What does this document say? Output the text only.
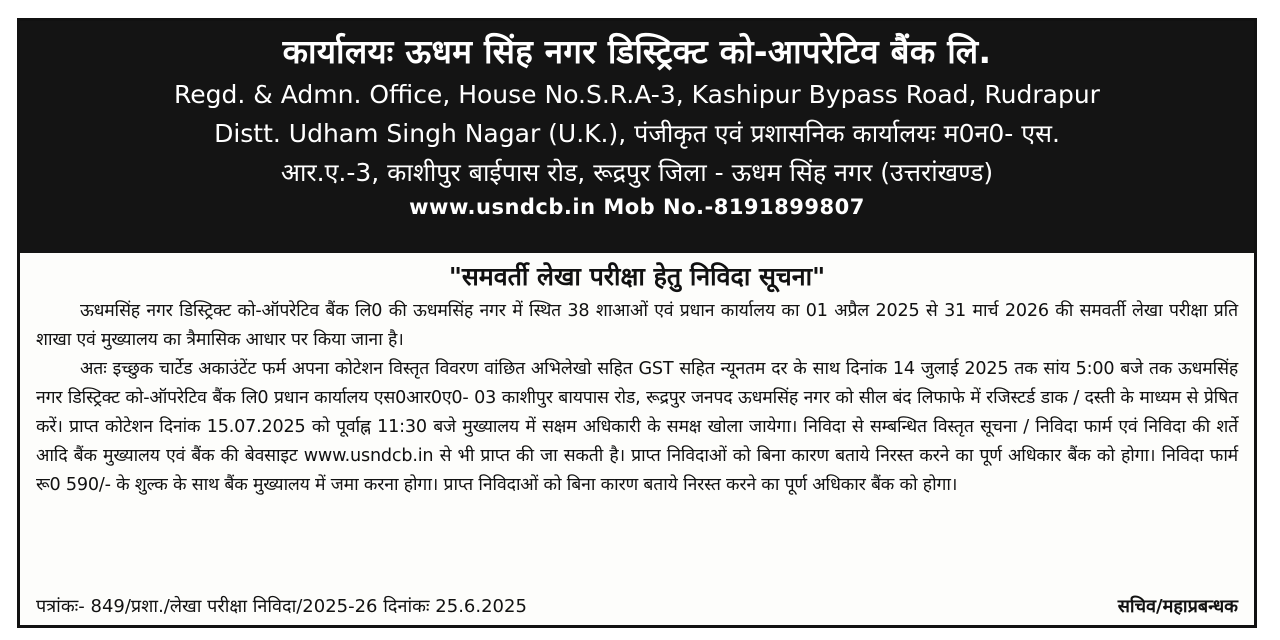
कार्यालयः ऊधम सिंह नगर डिस्ट्रिक्ट को-आपरेटिव बैंक लि.
Regd. & Admn. Office, House No.S.R.A-3, Kashipur Bypass Road, Rudrapur
Distt. Udham Singh Nagar (U.K.), पंजीकृत एवं प्रशासनिक कार्यालयः म0न0- एस.
आर.ए.-3, काशीपुर बाईपास रोड, रूद्रपुर जिला - ऊधम सिंह नगर (उत्तरांखण्ड)
www.usndcb.in Mob No.-8191899807
"समवर्ती लेखा परीक्षा हेतु निविदा सूचना"

ऊधमसिंह नगर डिस्ट्रिक्ट को-ऑपरेटिव बैंक लि0 की ऊधमसिंह नगर में स्थित 38 शाआओं एवं प्रधान कार्यालय का 01 अप्रैल 2025 से 31 मार्च 2026 की समवर्ती लेखा परीक्षा प्रति शाखा एवं मुख्यालय का त्रैमासिक आधार पर किया जाना है।

अतः इच्छुक चार्टेड अकाउंटेंट फर्म अपना कोटेशन विस्तृत विवरण वांछित अभिलेखो सहित GST सहित न्यूनतम दर के साथ दिनांक 14 जुलाई 2025 तक सांय 5:00 बजे तक ऊधमसिंह नगर डिस्ट्रिक्ट को-ऑपरेटिव बैंक लि0 प्रधान कार्यालय एस0आर0ए0- 03 काशीपुर बायपास रोड, रूद्रपुर जनपद ऊधमसिंह नगर को सील बंद लिफाफे में रजिस्टर्ड डाक / दस्ती के माध्यम से प्रेषित करें। प्राप्त कोटेशन दिनांक 15.07.2025 को पूर्वाह्न 11:30 बजे मुख्यालय में सक्षम अधिकारी के समक्ष खोला जायेगा। निविदा से सम्बन्धित विस्तृत सूचना / निविदा फार्म एवं निविदा की शर्ते आदि बैंक मुख्यालय एवं बैंक की बेवसाइट www.usndcb.in से भी प्राप्त की जा सकती है। प्राप्त निविदाओं को बिना कारण बताये निरस्त करने का पूर्ण अधिकार बैंक को होगा। निविदा फार्म रू0 590/- के शुल्क के साथ बैंक मुख्यालय में जमा करना होगा। प्राप्त निविदाओं को बिना कारण बताये निरस्त करने का पूर्ण अधिकार बैंक को होगा।

पत्रांकः- 849/प्रशा./लेखा परीक्षा निविदा/2025-26 दिनांकः 25.6.2025	सचिव/महाप्रबन्धक
